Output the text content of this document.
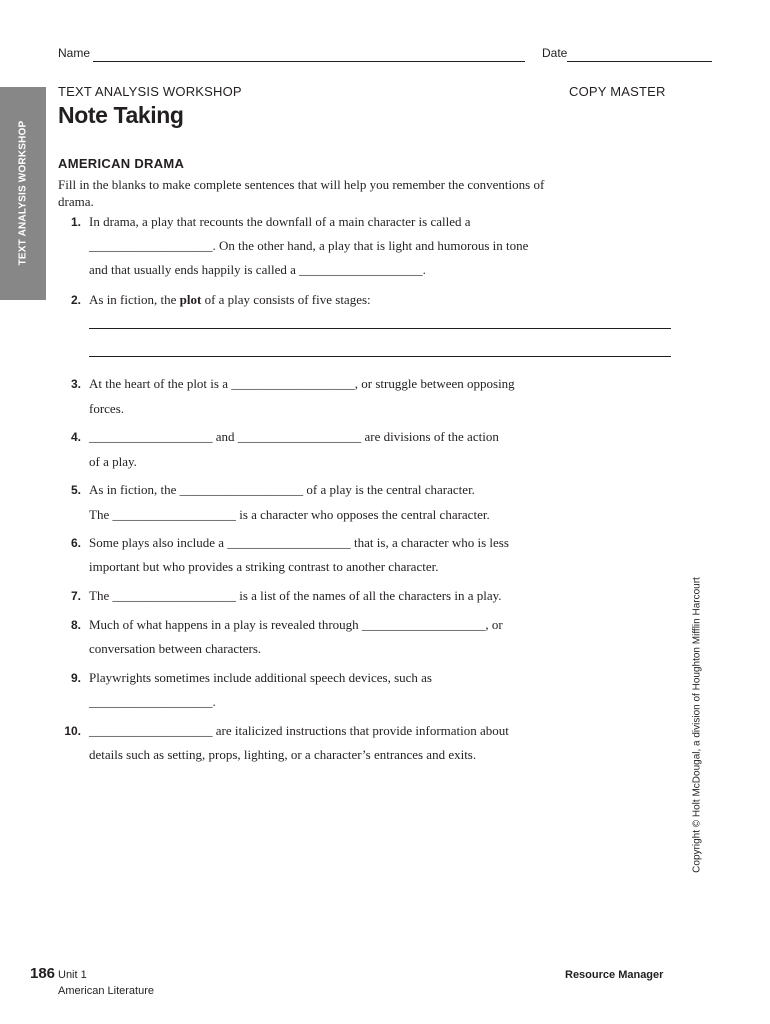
Name	Date
TEXT ANALYSIS WORKSHOP
TEXT ANALYSIS WORKSHOP	COPY MASTER
Note Taking
AMERICAN DRAMA
Fill in the blanks to make complete sentences that will help you remember the conventions of drama.
1. In drama, a play that recounts the downfall of a main character is called a
___________________. On the other hand, a play that is light and humorous in tone
and that usually ends happily is called a ___________________.
2. As in fiction, the plot of a play consists of five stages:
3. At the heart of the plot is a ___________________, or struggle between opposing
forces.
4. ___________________ and ___________________ are divisions of the action
of a play.
5. As in fiction, the ___________________ of a play is the central character.
The ___________________ is a character who opposes the central character.
6. Some plays also include a ___________________ that is, a character who is less
important but who provides a striking contrast to another character.
7. The ___________________ is a list of the names of all the characters in a play.
8. Much of what happens in a play is revealed through ___________________, or
conversation between characters.
9. Playwrights sometimes include additional speech devices, such as
___________________.
10. ___________________ are italicized instructions that provide information about
details such as setting, props, lighting, or a character’s entrances and exits.	Copyright © Holt McDougal, a division of Houghton Mifflin Harcourt
186 Unit 1
American Literature
Resource Manager
